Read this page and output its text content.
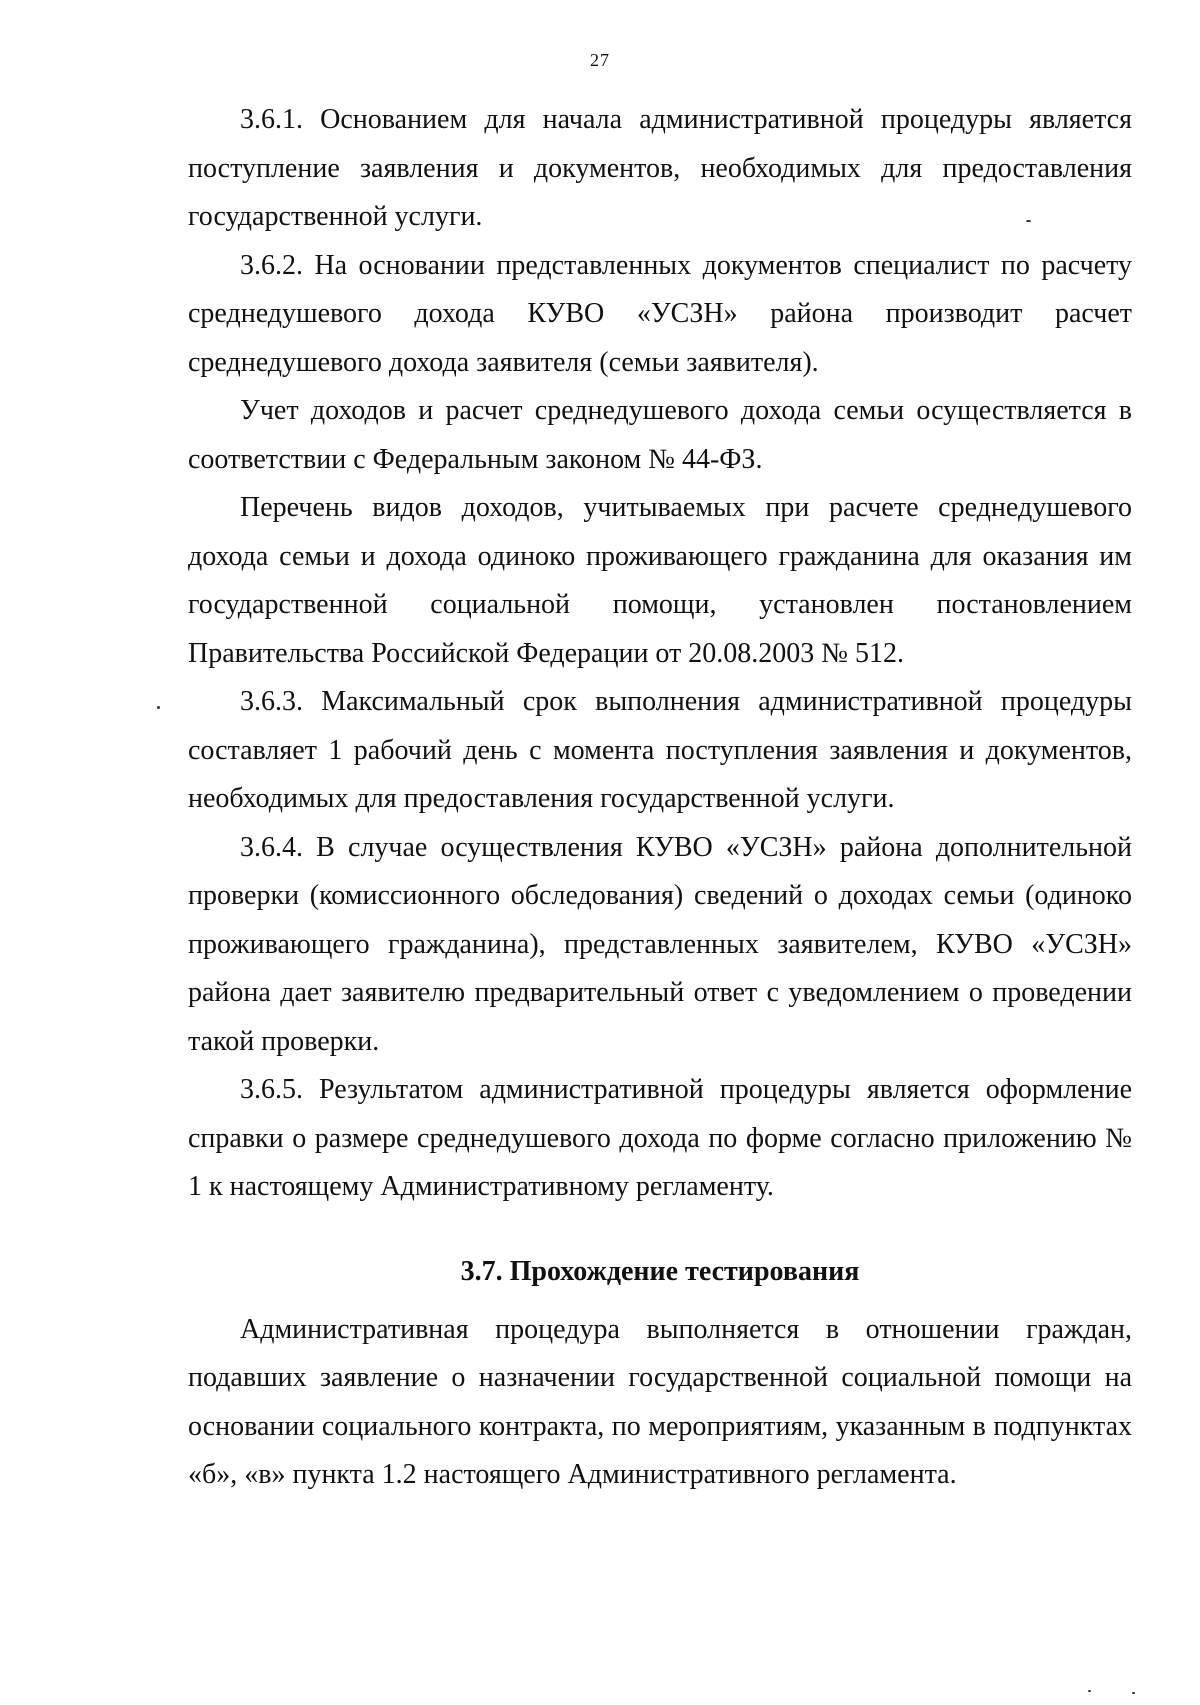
27

3.6.1. Основанием для начала административной процедуры является поступление заявления и документов, необходимых для предоставления государственной услуги.

3.6.2. На основании представленных документов специалист по расчету среднедушевого дохода КУВО «УСЗН» района производит расчет среднедушевого дохода заявителя (семьи заявителя).

Учет доходов и расчет среднедушевого дохода семьи осуществляется в соответствии с Федеральным законом № 44-ФЗ.

Перечень видов доходов, учитываемых при расчете среднедушевого дохода семьи и дохода одиноко проживающего гражданина для оказания им государственной социальной помощи, установлен постановлением Правительства Российской Федерации от 20.08.2003 № 512.

3.6.3. Максимальный срок выполнения административной процедуры составляет 1 рабочий день с момента поступления заявления и документов, необходимых для предоставления государственной услуги.

3.6.4. В случае осуществления КУВО «УСЗН» района дополнительной проверки (комиссионного обследования) сведений о доходах семьи (одиноко проживающего гражданина), представленных заявителем, КУВО «УСЗН» района дает заявителю предварительный ответ с уведомлением о проведении такой проверки.

3.6.5. Результатом административной процедуры является оформление справки о размере среднедушевого дохода по форме согласно приложению № 1 к настоящему Административному регламенту.

3.7. Прохождение тестирования

Административная процедура выполняется в отношении граждан, подавших заявление о назначении государственной социальной помощи на основании социального контракта, по мероприятиям, указанным в подпунктах «б», «в» пункта 1.2 настоящего Административного регламента.
